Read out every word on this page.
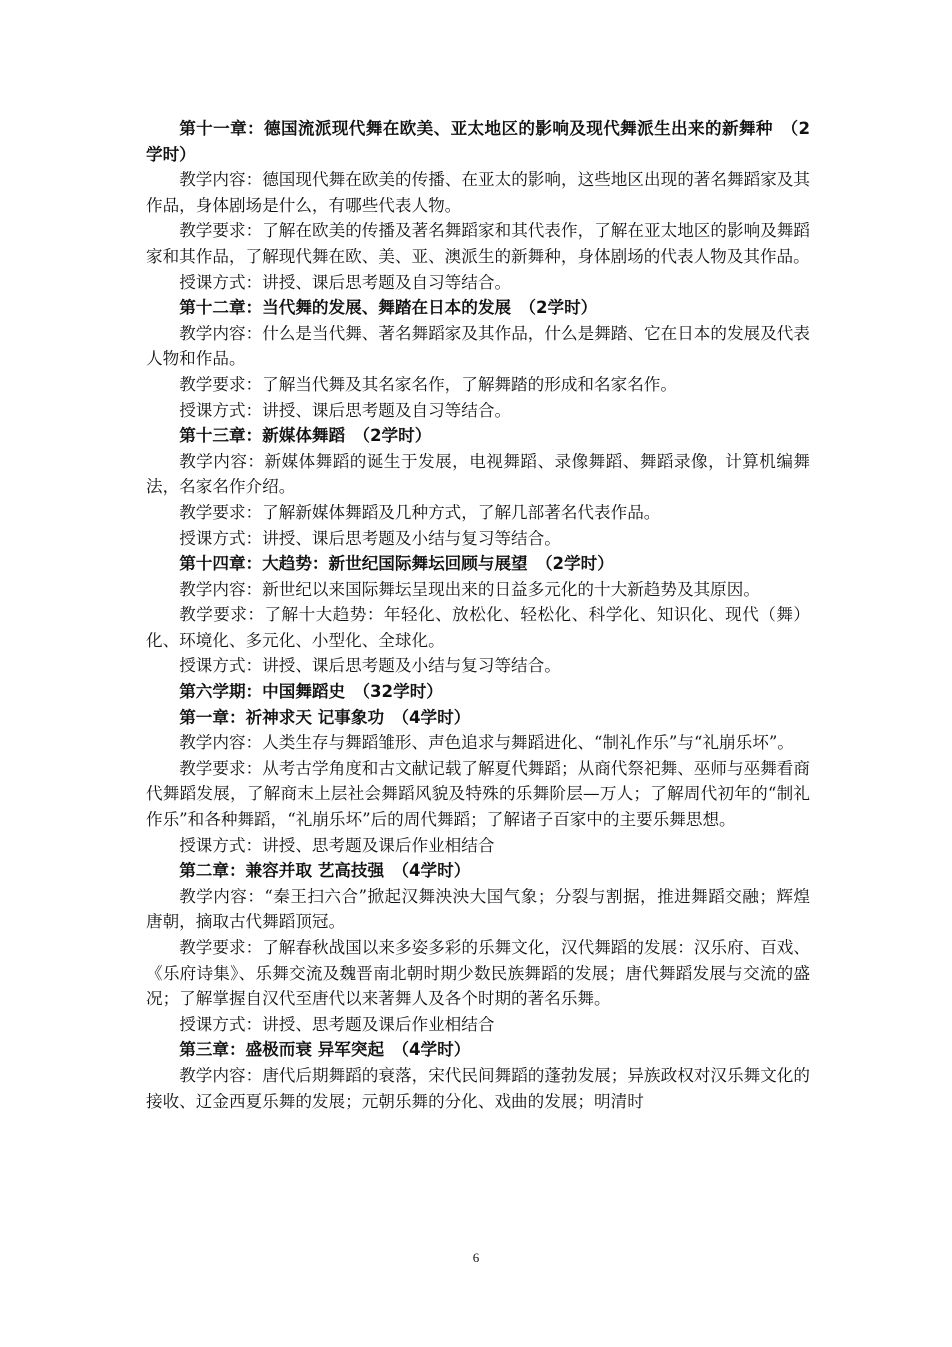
第十一章：德国流派现代舞在欧美、亚太地区的影响及现代舞派生出来的新舞种　（2学时）

教学内容：德国现代舞在欧美的传播、在亚太的影响，这些地区出现的著名舞蹈家及其作品，身体剧场是什么，有哪些代表人物。

教学要求：了解在欧美的传播及著名舞蹈家和其代表作，了解在亚太地区的影响及舞蹈家和其作品，了解现代舞在欧、美、亚、澳派生的新舞种，身体剧场的代表人物及其作品。

授课方式：讲授、课后思考题及自习等结合。

第十二章：当代舞的发展、舞踏在日本的发展　（2学时）

教学内容：什么是当代舞、著名舞蹈家及其作品，什么是舞踏、它在日本的发展及代表人物和作品。

教学要求：了解当代舞及其名家名作，了解舞踏的形成和名家名作。

授课方式：讲授、课后思考题及自习等结合。

第十三章：新媒体舞蹈　（2学时）

教学内容：新媒体舞蹈的诞生于发展，电视舞蹈、录像舞蹈、舞蹈录像，计算机编舞法，名家名作介绍。

教学要求：了解新媒体舞蹈及几种方式，了解几部著名代表作品。

授课方式：讲授、课后思考题及小结与复习等结合。

第十四章：大趋势：新世纪国际舞坛回顾与展望　（2学时）

教学内容：新世纪以来国际舞坛呈现出来的日益多元化的十大新趋势及其原因。

教学要求：了解十大趋势：年轻化、放松化、轻松化、科学化、知识化、现代（舞）化、环境化、多元化、小型化、全球化。

授课方式：讲授、课后思考题及小结与复习等结合。

第六学期：中国舞蹈史　（32学时）

第一章：祈神求天 记事象功　（4学时）

教学内容：人类生存与舞蹈雏形、声色追求与舞蹈进化、“制礼作乐”与“礼崩乐坏”。

教学要求：从考古学角度和古文献记载了解夏代舞蹈；从商代祭祀舞、巫师与巫舞看商代舞蹈发展，了解商末上层社会舞蹈风貌及特殊的乐舞阶层—万人；了解周代初年的“制礼作乐”和各种舞蹈，“礼崩乐坏”后的周代舞蹈；了解诸子百家中的主要乐舞思想。

授课方式：讲授、思考题及课后作业相结合

第二章：兼容并取 艺高技强　（4学时）

教学内容：“秦王扫六合”掀起汉舞泱泱大国气象；分裂与割据，推进舞蹈交融；辉煌唐朝，摘取古代舞蹈顶冠。

教学要求：了解春秋战国以来多姿多彩的乐舞文化，汉代舞蹈的发展：汉乐府、百戏、《乐府诗集》、乐舞交流及魏晋南北朝时期少数民族舞蹈的发展；唐代舞蹈发展与交流的盛况；了解掌握自汉代至唐代以来著舞人及各个时期的著名乐舞。

授课方式：讲授、思考题及课后作业相结合

第三章：盛极而衰 异军突起　（4学时）

教学内容：唐代后期舞蹈的衰落，宋代民间舞蹈的蓬勃发展；异族政权对汉乐舞文化的接收、辽金西夏乐舞的发展；元朝乐舞的分化、戏曲的发展；明清时

6
